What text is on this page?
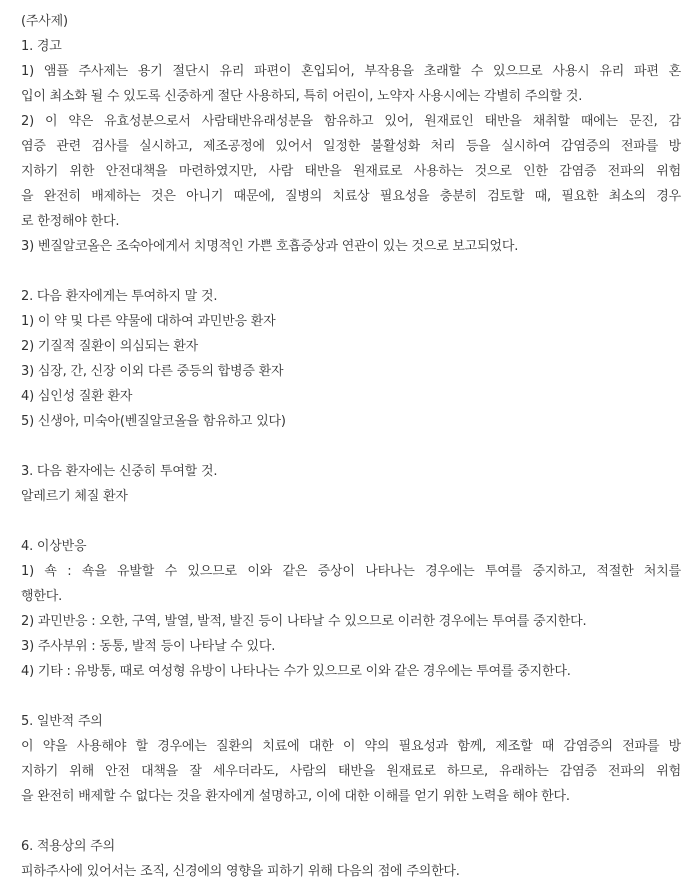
(주사제)
1. 경고
1) 앰플 주사제는 용기 절단시 유리 파편이 혼입되어, 부작용을 초래할 수 있으므로 사용시 유리 파편 혼
입이 최소화 될 수 있도록 신중하게 절단 사용하되, 특히 어린이, 노약자 사용시에는 각별히 주의할 것.
2) 이 약은 유효성분으로서 사람태반유래성분을 함유하고 있어, 원재료인 태반을 채취할 때에는 문진, 감
염증 관련 검사를 실시하고, 제조공정에 있어서 일정한 불활성화 처리 등을 실시하여 감염증의 전파를 방
지하기 위한 안전대책을 마련하였지만, 사람 태반을 원재료로 사용하는 것으로 인한 감염증 전파의 위험
을 완전히 배제하는 것은 아니기 때문에, 질병의 치료상 필요성을 충분히 검토할 때, 필요한 최소의 경우
로 한정해야 한다.
3) 벤질알코올은 조숙아에게서 치명적인 가쁜 호흡증상과 연관이 있는 것으로 보고되었다.
2. 다음 환자에게는 투여하지 말 것.
1) 이 약 및 다른 약물에 대하여 과민반응 환자
2) 기질적 질환이 의심되는 환자
3) 심장, 간, 신장 이외 다른 중등의 합병증 환자
4) 심인성 질환 환자
5) 신생아, 미숙아(벤질알코올을 함유하고 있다)
3. 다음 환자에는 신중히 투여할 것.
알레르기 체질 환자
4. 이상반응
1) 쇽 : 쇽을 유발할 수 있으므로 이와 같은 증상이 나타나는 경우에는 투여를 중지하고, 적절한 처치를
행한다.
2) 과민반응 : 오한, 구역, 발열, 발적, 발진 등이 나타날 수 있으므로 이러한 경우에는 투여를 중지한다.
3) 주사부위 : 동통, 발적 등이 나타날 수 있다.
4) 기타 : 유방통, 때로 여성형 유방이 나타나는 수가 있으므로 이와 같은 경우에는 투여를 중지한다.
5. 일반적 주의
이 약을 사용해야 할 경우에는 질환의 치료에 대한 이 약의 필요성과 함께, 제조할 때 감염증의 전파를 방
지하기 위해 안전 대책을 잘 세우더라도, 사람의 태반을 원재료로 하므로, 유래하는 감염증 전파의 위험
을 완전히 배제할 수 없다는 것을 환자에게 설명하고, 이에 대한 이해를 얻기 위한 노력을 해야 한다.
6. 적용상의 주의
피하주사에 있어서는 조직, 신경에의 영향을 피하기 위해 다음의 점에 주의한다.
